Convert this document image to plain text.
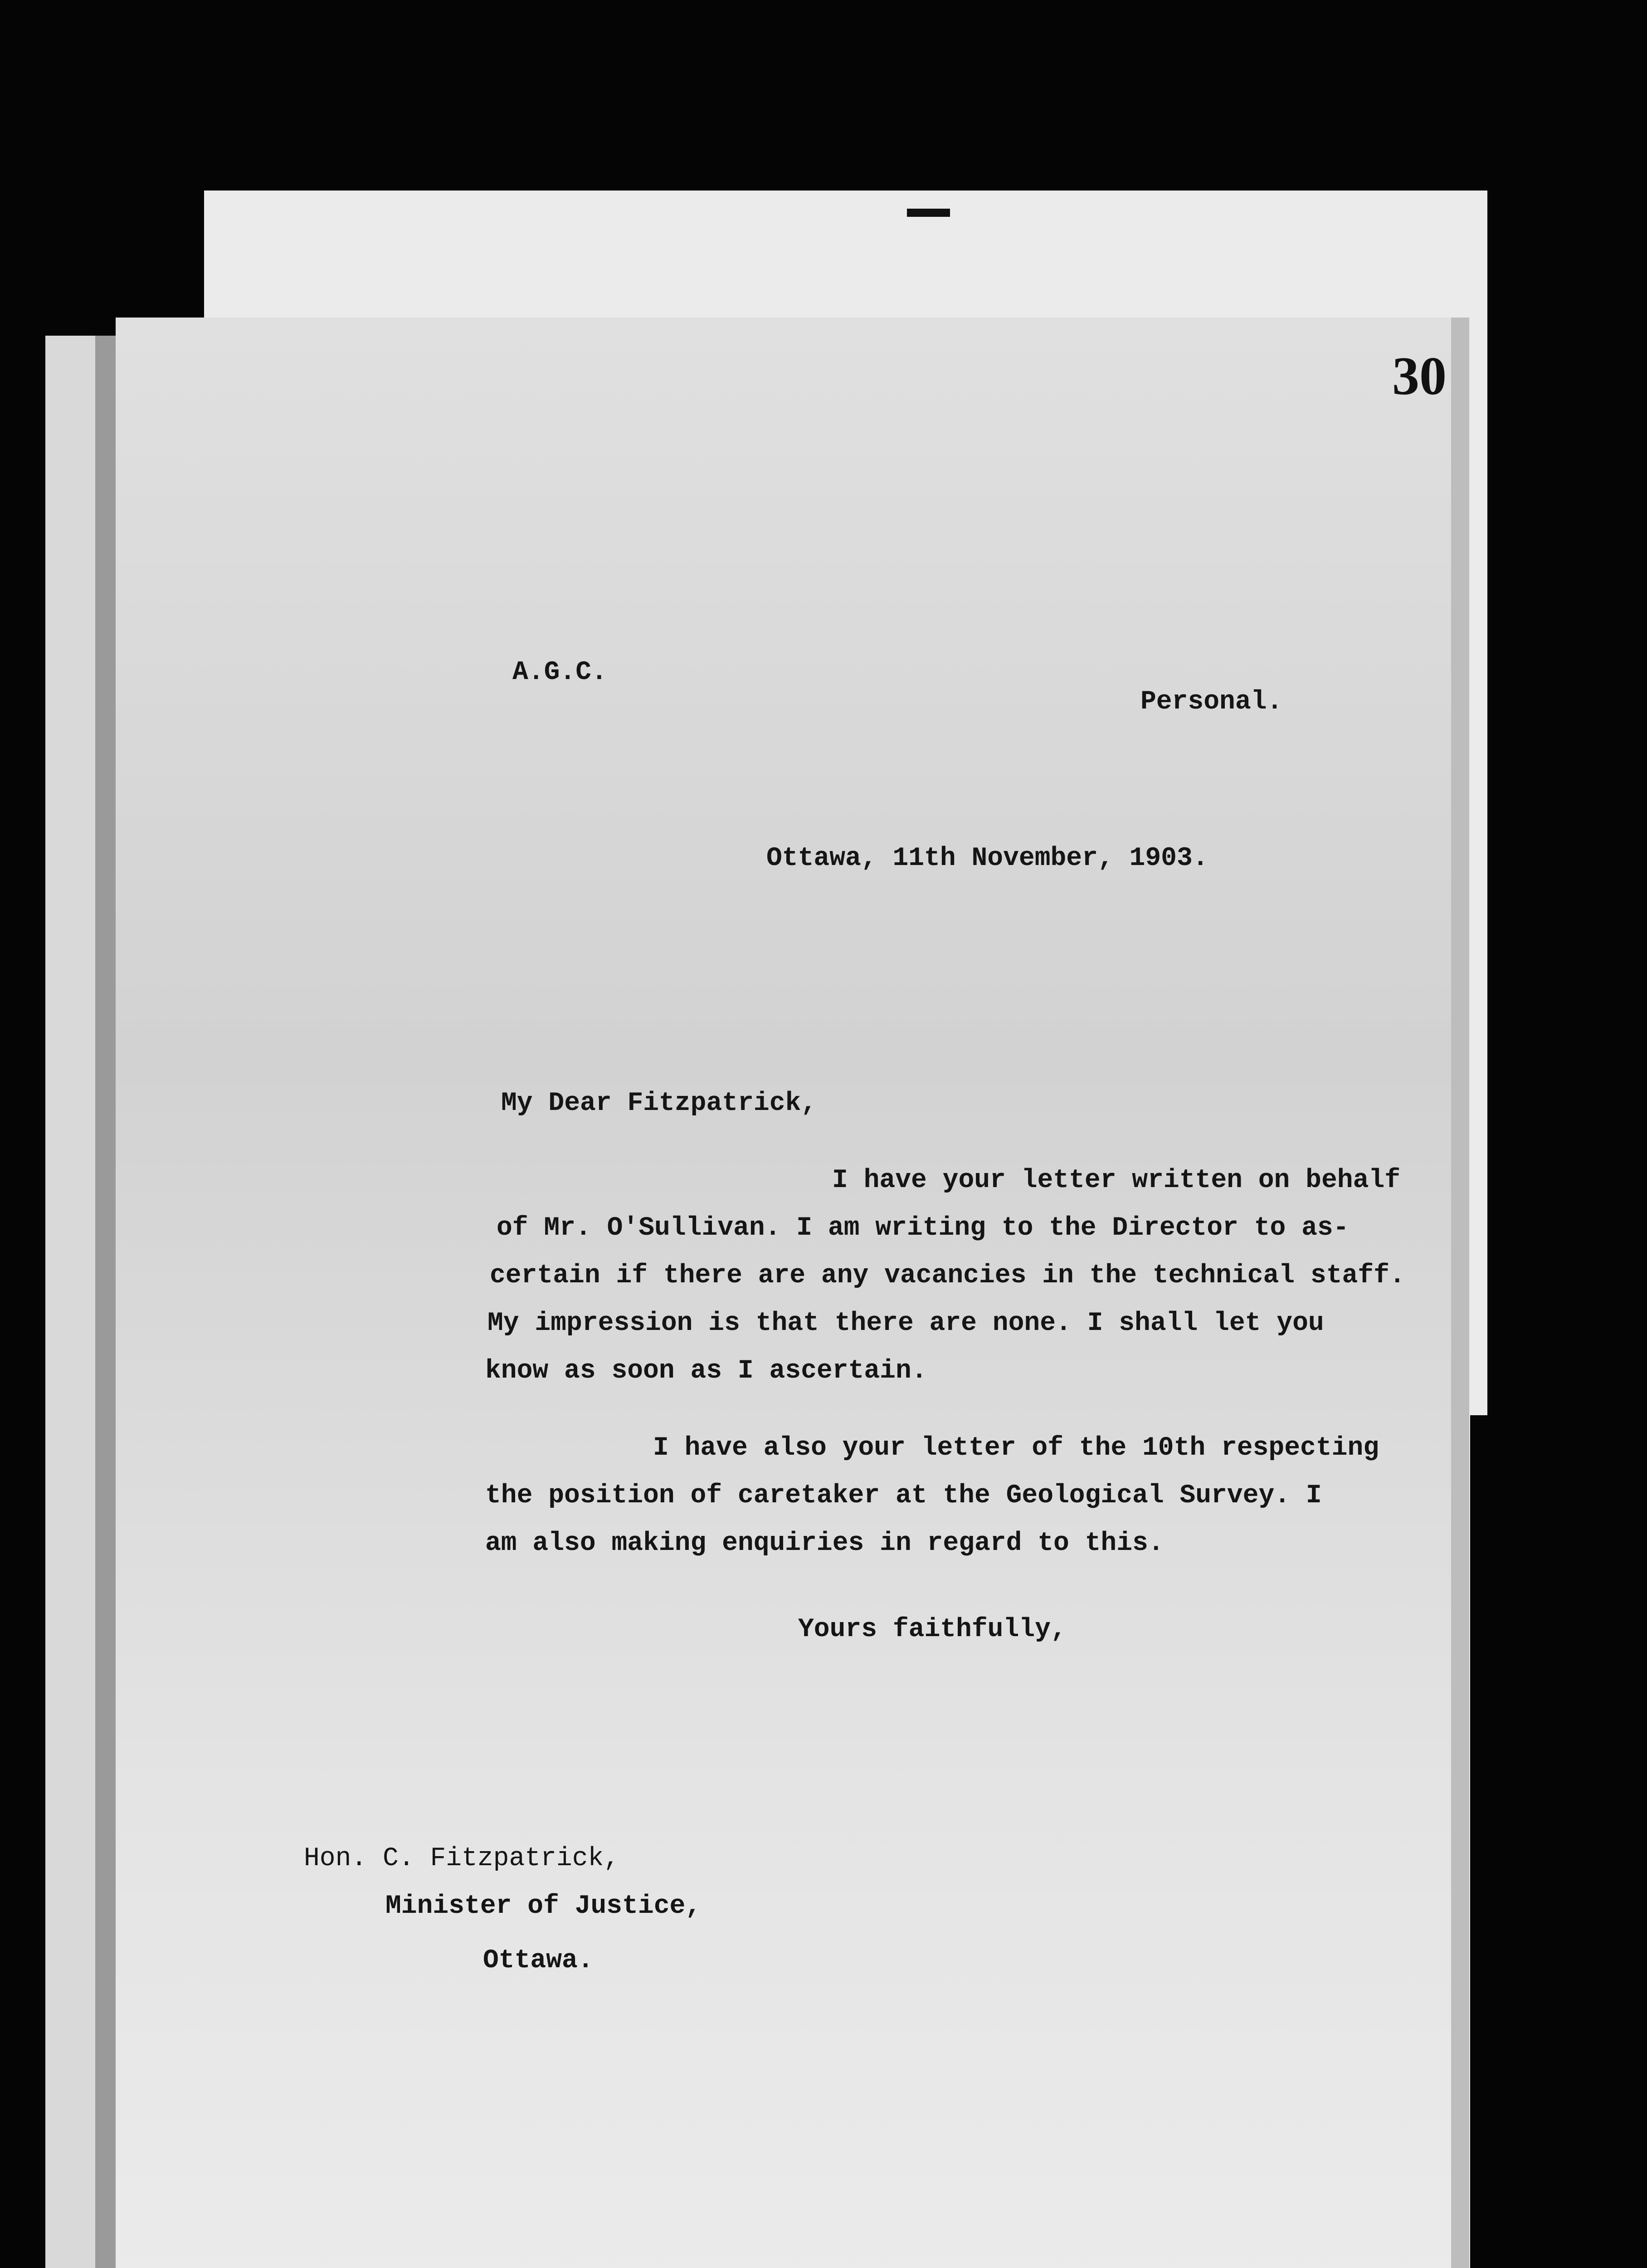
30
A.G.C.
Personal.
Ottawa, 11th November, 1903.
My Dear Fitzpatrick,
I have your letter written on behalf
of Mr. O'Sullivan. I am writing to the Director to as-
certain if there are any vacancies in the technical staff.
My impression is that there are none. I shall let you
know as soon as I ascertain.
I have also your letter of the 10th respecting
the position of caretaker at the Geological Survey. I
am also making enquiries in regard to this.
Yours faithfully,
Hon. C. Fitzpatrick,
Minister of Justice,
Ottawa.
